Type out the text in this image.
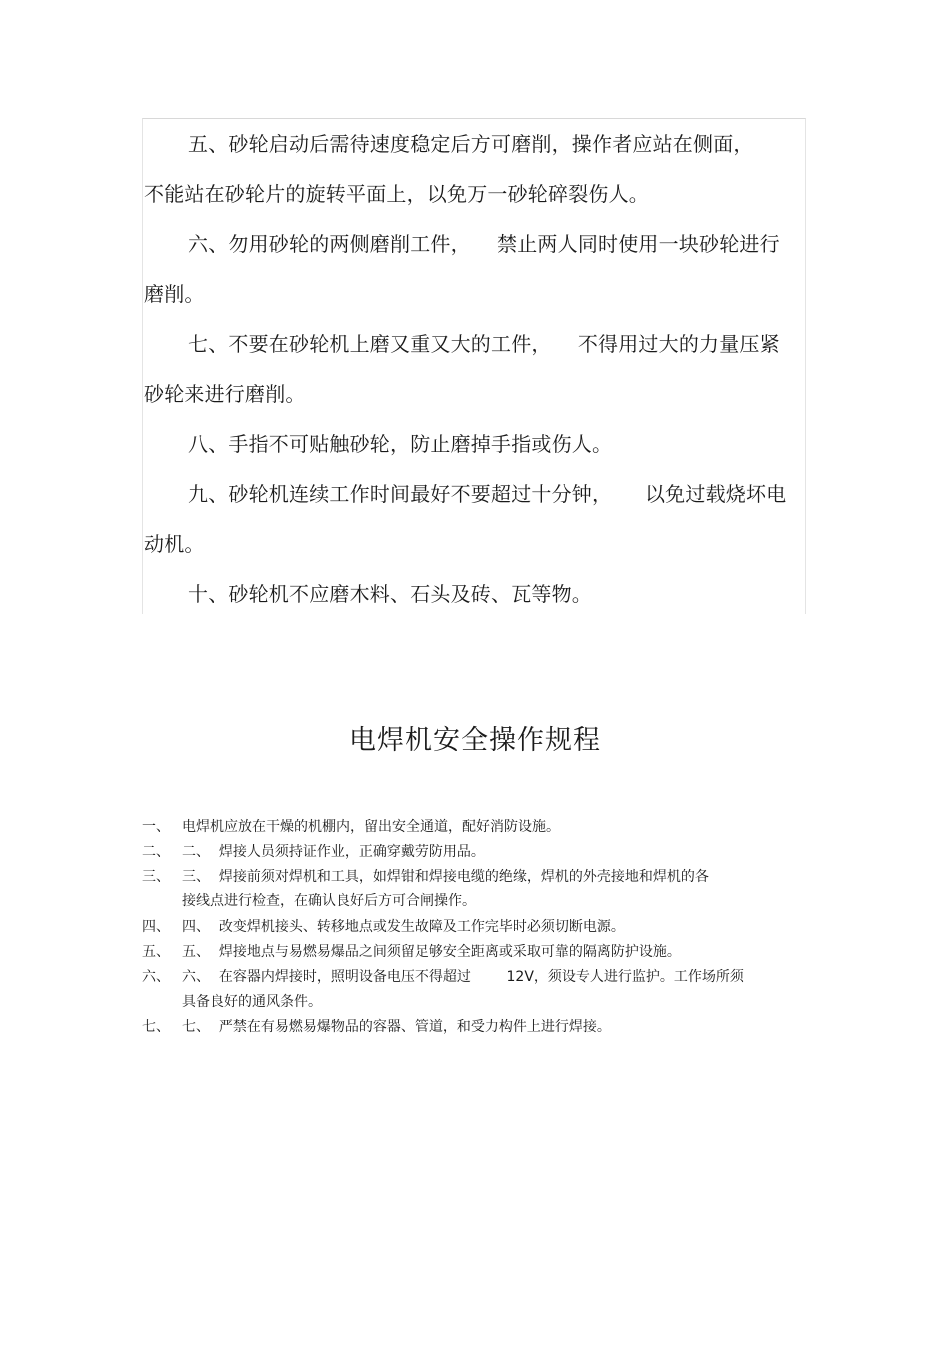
五、砂轮启动后需待速度稳定后方可磨削，操作者应站在侧面，
不能站在砂轮片的旋转平面上，以免万一砂轮碎裂伤人。
六、勿用砂轮的两侧磨削工件，    禁止两人同时使用一块砂轮进行
磨削。
七、不要在砂轮机上磨又重又大的工件，    不得用过大的力量压紧
砂轮来进行磨削。
八、手指不可贴触砂轮，防止磨掉手指或伤人。
九、砂轮机连续工作时间最好不要超过十分钟，     以免过载烧坏电
动机。
十、砂轮机不应磨木料、石头及砖、瓦等物。
电焊机安全操作规程
一、 电焊机应放在干燥的机棚内，留出安全通道，配好消防设施。
二、 二、  焊接人员须持证作业，正确穿戴劳防用品。
三、 三、  焊接前须对焊机和工具，如焊钳和焊接电缆的绝缘，焊机的外壳接地和焊机的各
接线点进行检查，在确认良好后方可合闸操作。
四、 四、  改变焊机接头、转移地点或发生故障及工作完毕时必须切断电源。
五、 五、  焊接地点与易燃易爆品之间须留足够安全距离或采取可靠的隔离防护设施。
六、 六、  在容器内焊接时，照明设备电压不得超过        12V，须设专人进行监护。工作场所须
具备良好的通风条件。
七、 七、  严禁在有易燃易爆物品的容器、管道，和受力构件上进行焊接。
